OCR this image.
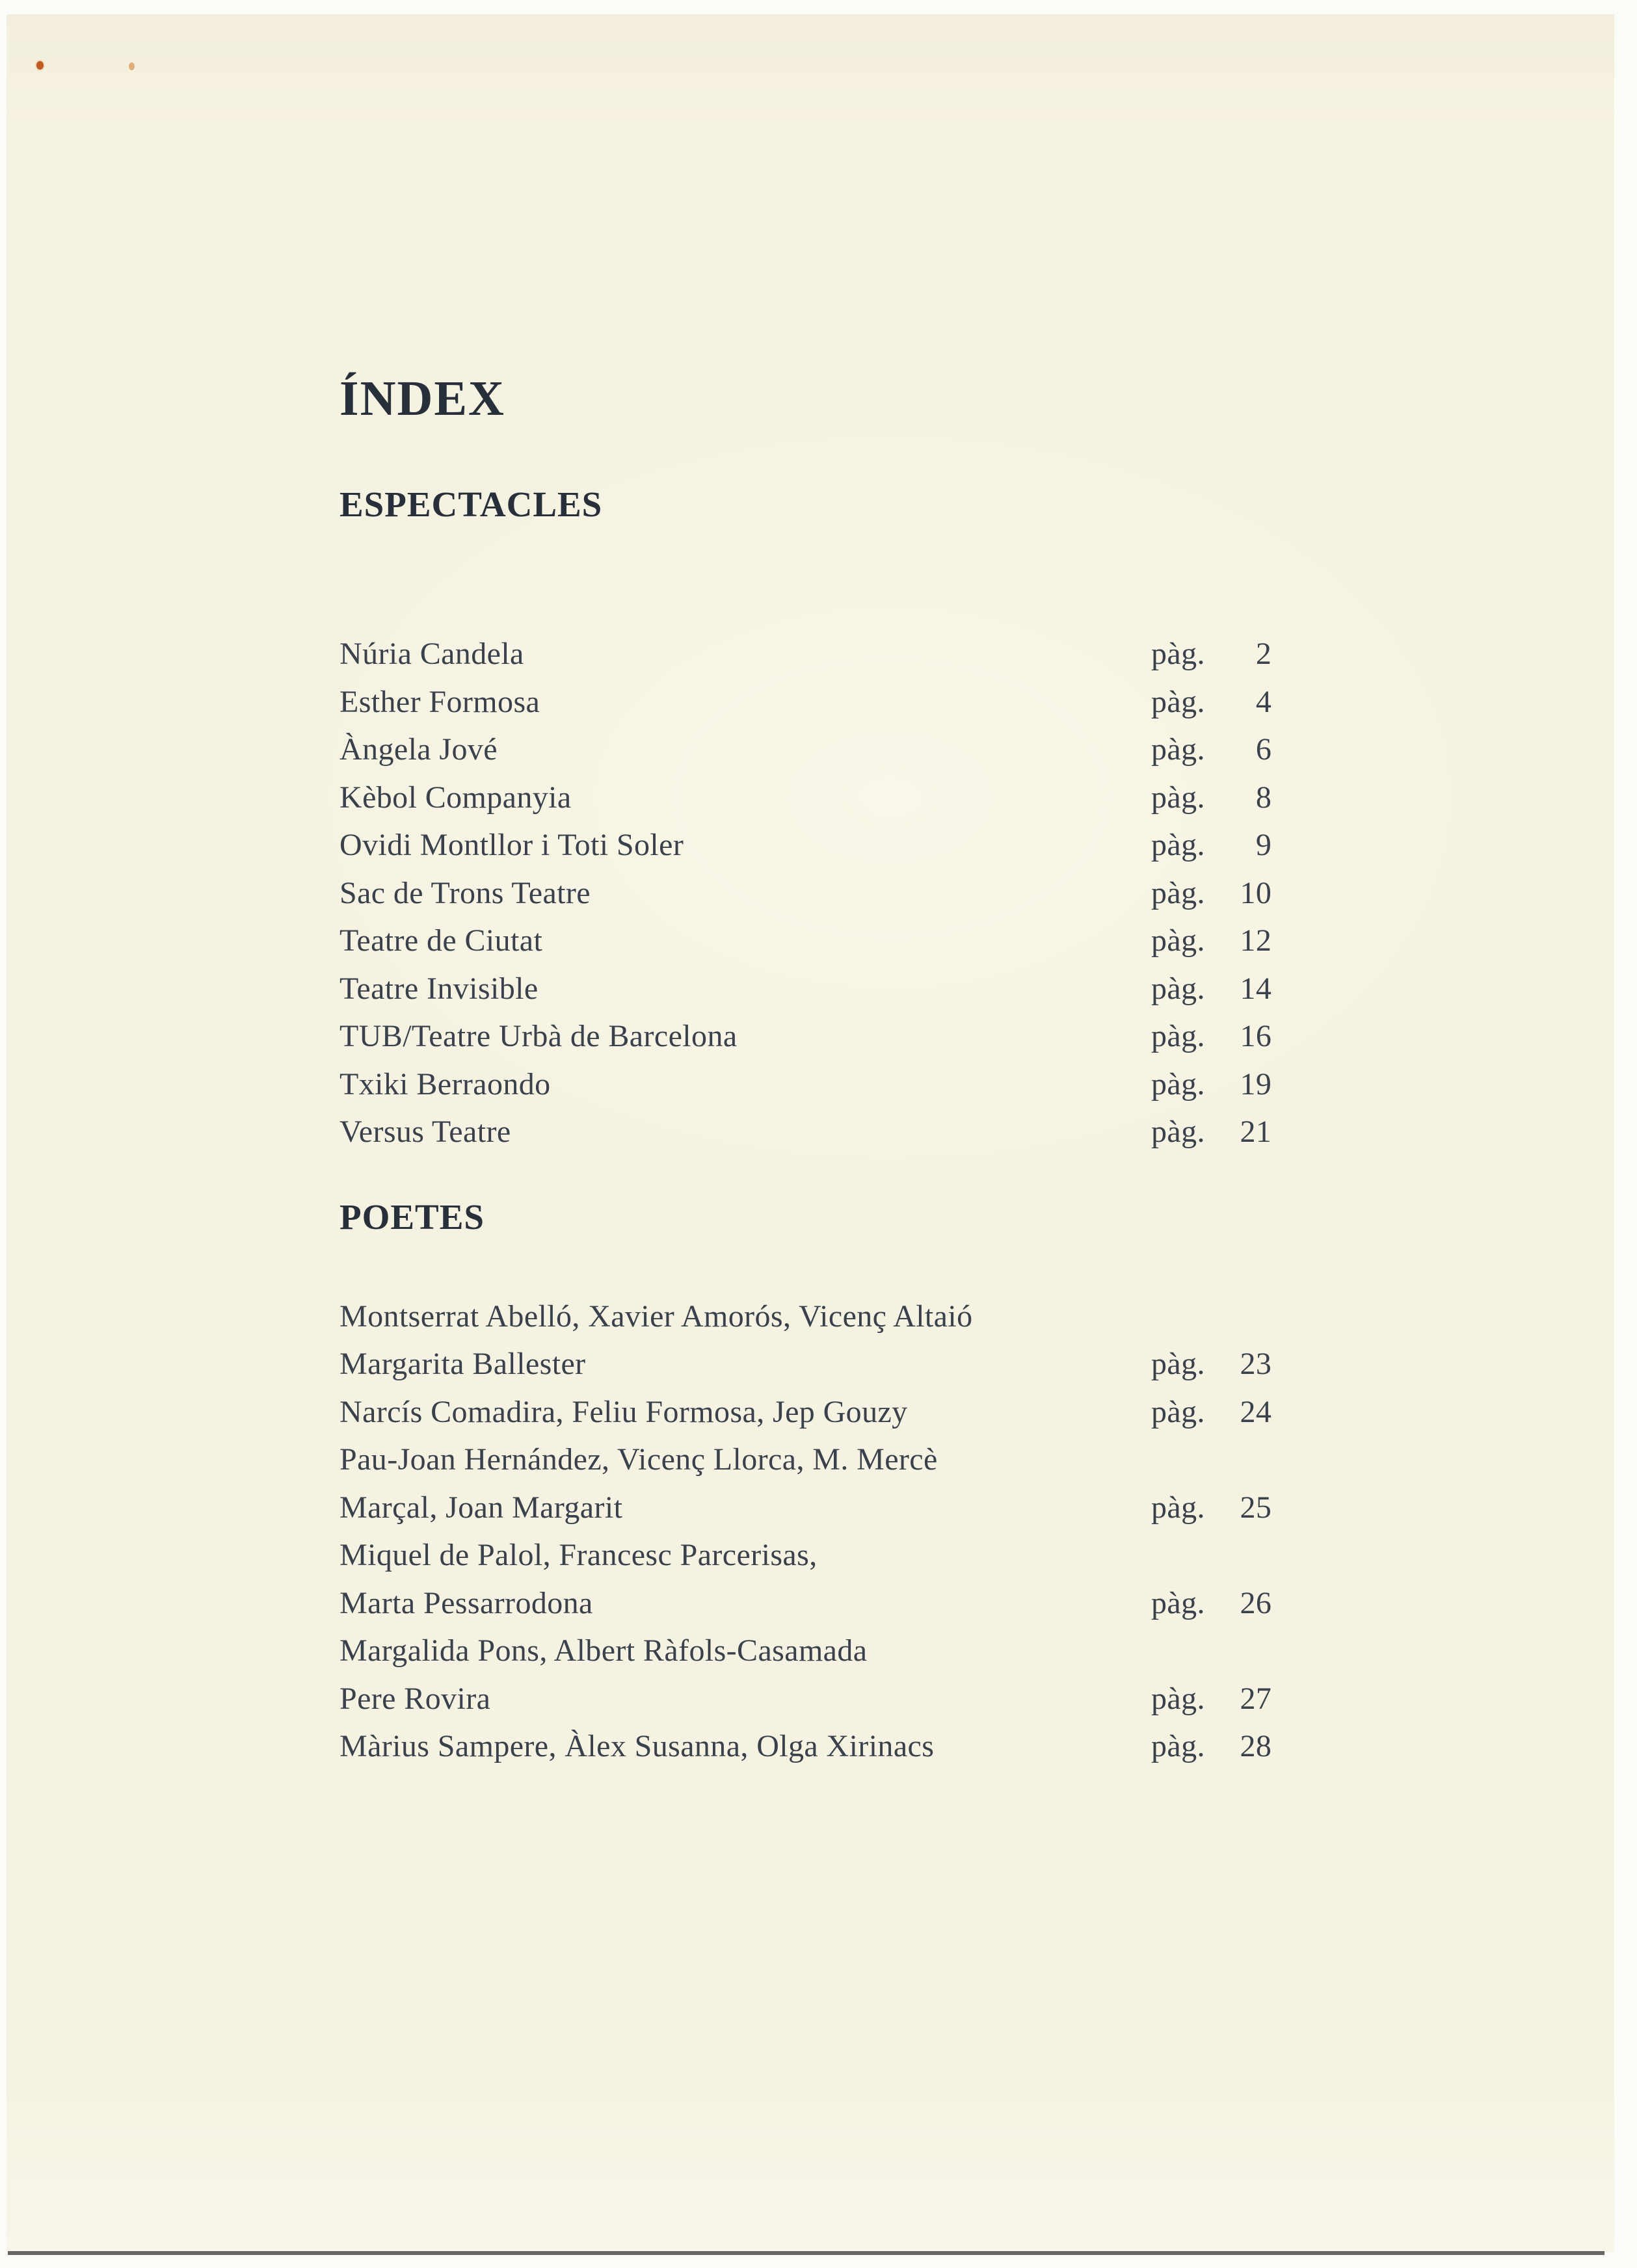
ÍNDEX
ESPECTACLES
Núria Candela	pàg. 2
Esther Formosa	pàg. 4
Àngela Jové	pàg. 6
Kèbol Companyia	pàg. 8
Ovidi Montllor i Toti Soler	pàg. 9
Sac de Trons Teatre	pàg. 10
Teatre de Ciutat	pàg. 12
Teatre Invisible	pàg. 14
TUB/Teatre Urbà de Barcelona	pàg. 16
Txiki Berraondo	pàg. 19
Versus Teatre	pàg. 21
POETES
Montserrat Abelló, Xavier Amorós, Vicenç Altaió
Margarita Ballester	pàg. 23
Narcís Comadira, Feliu Formosa, Jep Gouzy	pàg. 24
Pau-Joan Hernández, Vicenç Llorca, M. Mercè
Marçal, Joan Margarit	pàg. 25
Miquel de Palol, Francesc Parcerisas,
Marta Pessarrodona	pàg. 26
Margalida Pons, Albert Ràfols-Casamada
Pere Rovira	pàg. 27
Màrius Sampere, Àlex Susanna, Olga Xirinacs	pàg. 28
